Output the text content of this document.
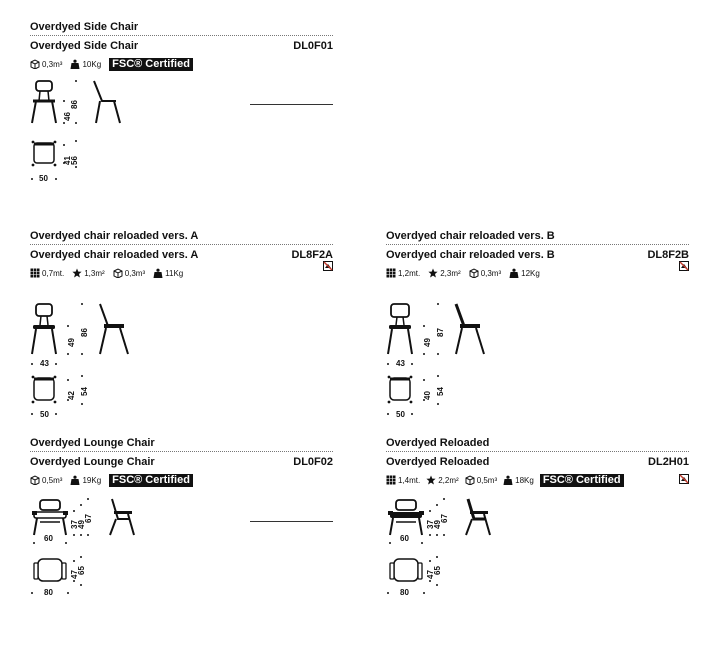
Overdyed Side Chair
Overdyed Side Chair	DL0F01
0,3m³	10Kg FSC® Certified
46
86
41
56
50
Overdyed chair reloaded vers. A
Overdyed chair reloaded vers. A	DL8F2A
0,7mt.	1,3m²	0,3m³	11Kg
49
86
43
42 54
50
Overdyed chair reloaded vers. B
Overdyed chair reloaded vers. B	DL8F2B
1,2mt.	2,3m²	0,3m³	12Kg
49
87
43
40 54
50
Overdyed Lounge Chair
Overdyed Lounge Chair	DL0F02
0,5m³	19Kg FSC® Certified
37
49
67
60
47
65
80
Overdyed Reloaded
Overdyed Reloaded	DL2H01
1,4mt. 2,2m² 0,5m³ 18Kg FSC® Certified
37
49
67
60
47
65
80
